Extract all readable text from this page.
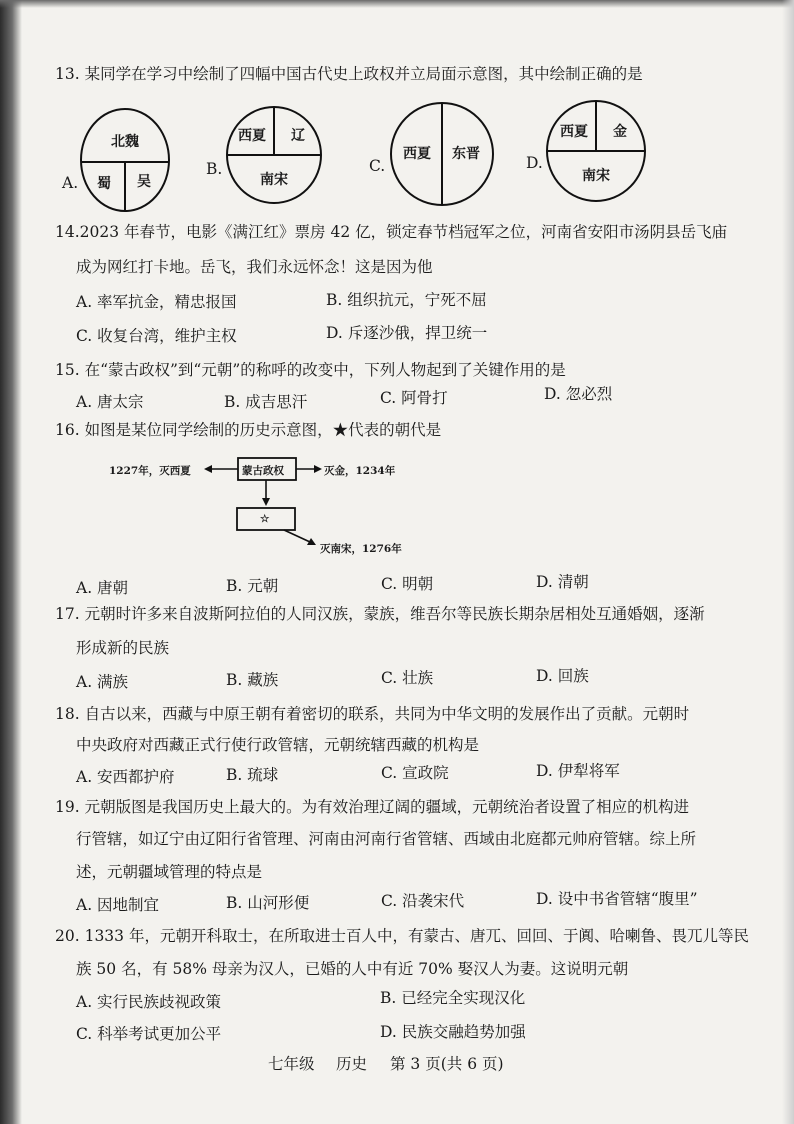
13. 某同学在学习中绘制了四幅中国古代史上政权并立局面示意图，其中绘制正确的是
A.
北魏
蜀 吴
B.
西夏 辽
南宋
C.
西夏 东晋	D.
西夏 金
南宋
14.2023 年春节，电影《满江红》票房 42 亿，锁定春节档冠军之位，河南省安阳市汤阴县岳飞庙
成为网红打卡地。岳飞，我们永远怀念！这是因为他
A. 率军抗金，精忠报国	B. 组织抗元，宁死不屈
C. 收复台湾，维护主权	D. 斥逐沙俄，捍卫统一
15. 在“蒙古政权”到“元朝”的称呼的改变中，下列人物起到了关键作用的是
A. 唐太宗	B. 成吉思汗	C. 阿骨打	D. 忽必烈
16. 如图是某位同学绘制的历史示意图，★代表的朝代是
1227年，灭西夏	蒙古政权	灭金，1234年
☆
灭南宋，1276年
A. 唐朝	B. 元朝	C. 明朝	D. 清朝
17. 元朝时许多来自波斯阿拉伯的人同汉族，蒙族，维吾尔等民族长期杂居相处互通婚姻，逐渐
形成新的民族
A. 满族	B. 藏族	C. 壮族	D. 回族
18. 自古以来，西藏与中原王朝有着密切的联系，共同为中华文明的发展作出了贡献。元朝时
中央政府对西藏正式行使行政管辖，元朝统辖西藏的机构是
A. 安西都护府	B. 琉球	C. 宣政院	D. 伊犁将军
19. 元朝版图是我国历史上最大的。为有效治理辽阔的疆域，元朝统治者设置了相应的机构进
行管辖，如辽宁由辽阳行省管理、河南由河南行省管辖、西域由北庭都元帅府管辖。综上所
述，元朝疆域管理的特点是
A. 因地制宜	B. 山河形便	C. 沿袭宋代	D. 设中书省管辖“腹里”
20. 1333 年，元朝开科取士，在所取进士百人中，有蒙古、唐兀、回回、于阗、哈喇鲁、畏兀儿等民
族 50 名，有 58% 母亲为汉人，已婚的人中有近 70% 娶汉人为妻。这说明元朝
A. 实行民族歧视政策	B. 已经完全实现汉化
C. 科举考试更加公平	D. 民族交融趋势加强
七年级 历史 第 3 页(共 6 页)
